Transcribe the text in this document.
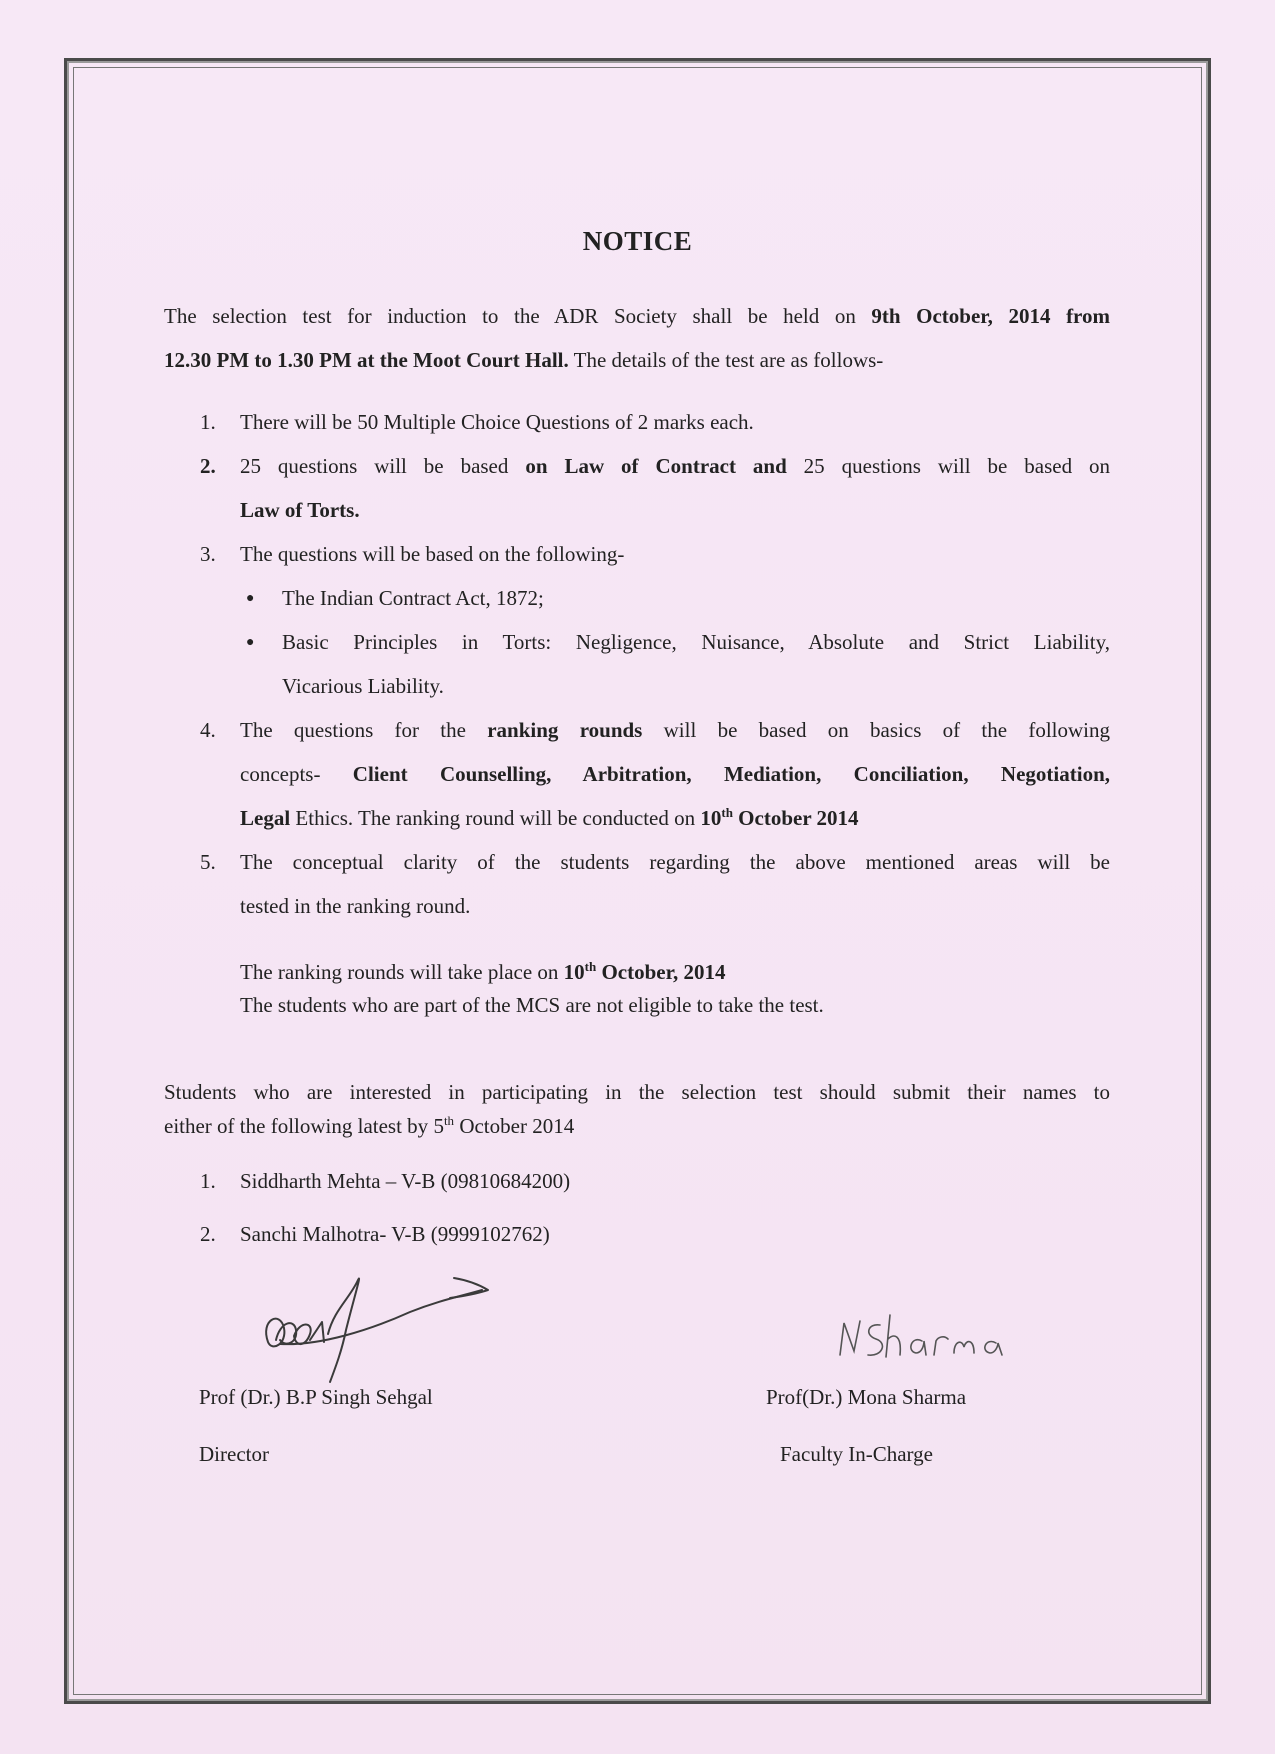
NOTICE
The selection test for induction to the ADR Society shall be held on 9th October, 2014 from
12.30 PM to 1.30 PM at the Moot Court Hall. The details of the test are as follows-
1. There will be 50 Multiple Choice Questions of 2 marks each.
2. 25 questions will be based on Law of Contract and 25 questions will be based on
Law of Torts.
3. The questions will be based on the following-
● The Indian Contract Act, 1872;
● Basic Principles in Torts: Negligence, Nuisance, Absolute and Strict Liability,
Vicarious Liability.
4. The questions for the ranking rounds will be based on basics of the following
concepts- Client Counselling, Arbitration, Mediation, Conciliation, Negotiation,
Legal Ethics. The ranking round will be conducted on 10th October 2014
5. The conceptual clarity of the students regarding the above mentioned areas will be
tested in the ranking round.
The ranking rounds will take place on 10th October, 2014
The students who are part of the MCS are not eligible to take the test.
Students who are interested in participating in the selection test should submit their names to
either of the following latest by 5th October 2014
1. Siddharth Mehta – V-B (09810684200)
2. Sanchi Malhotra- V-B (9999102762)
Prof (Dr.) B.P Singh Sehgal
Director
Prof(Dr.) Mona Sharma
Faculty In-Charge
